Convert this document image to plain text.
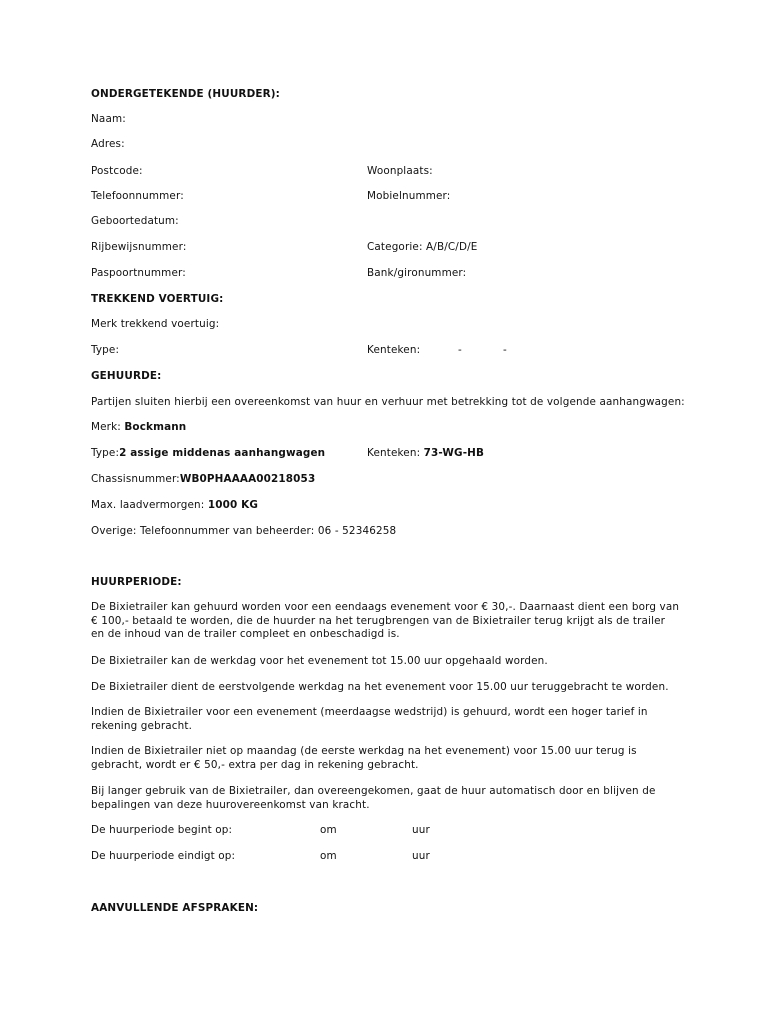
ONDERGETEKENDE (HUURDER):
Naam:
Adres:
Postcode:	Woonplaats:
Telefoonnummer:	Mobielnummer:
Geboortedatum:
Rijbewijsnummer:	Categorie: A/B/C/D/E
Paspoortnummer:	Bank/gironummer:
TREKKEND VOERTUIG:
Merk trekkend voertuig:
Type:	Kenteken:	-	-
GEHUURDE:
Partijen sluiten hierbij een overeenkomst van huur en verhuur met betrekking tot de volgende aanhangwagen:
Merk: Bockmann
Type:2 assige middenas aanhangwagen	Kenteken: 73-WG-HB
Chassisnummer:WB0PHAAAA00218053
Max. laadvermorgen: 1000 KG
Overige: Telefoonnummer van beheerder: 06 - 52346258
HUURPERIODE:
De Bixietrailer kan gehuurd worden voor een eendaags evenement voor € 30,-. Daarnaast dient een borg van € 100,- betaald te worden, die de huurder na het terugbrengen van de Bixietrailer terug krijgt als de trailer en de inhoud van de trailer compleet en onbeschadigd is.
De Bixietrailer kan de werkdag voor het evenement tot 15.00 uur opgehaald worden.
De Bixietrailer dient de eerstvolgende werkdag na het evenement voor 15.00 uur teruggebracht te worden.
Indien de Bixietrailer voor een evenement (meerdaagse wedstrijd) is gehuurd, wordt een hoger tarief in rekening gebracht.
Indien de Bixietrailer niet op maandag (de eerste werkdag na het evenement) voor 15.00 uur terug is gebracht, wordt er € 50,- extra per dag in rekening gebracht.
Bij langer gebruik van de Bixietrailer, dan overeengekomen, gaat de huur automatisch door en blijven de bepalingen van deze huurovereenkomst van kracht.
De huurperiode begint op:	om	uur
De huurperiode eindigt op:	om	uur
AANVULLENDE AFSPRAKEN:
